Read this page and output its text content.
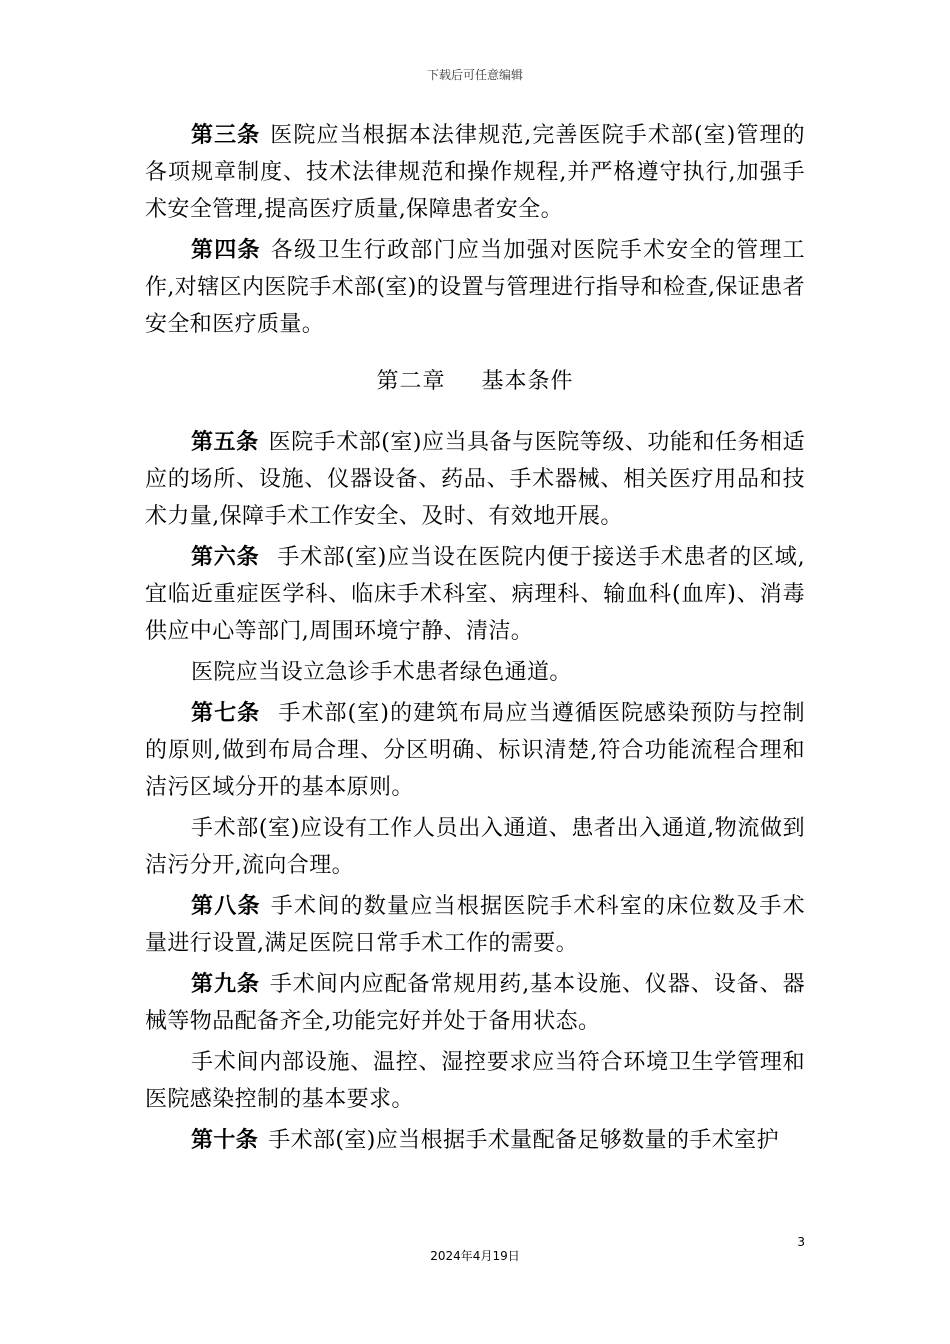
下载后可任意编辑

第三条 医院应当根据本法律规范,完善医院手术部(室)管理的各项规章制度、技术法律规范和操作规程,并严格遵守执行,加强手术安全管理,提高医疗质量,保障患者安全。

第四条 各级卫生行政部门应当加强对医院手术安全的管理工作,对辖区内医院手术部(室)的设置与管理进行指导和检查,保证患者安全和医疗质量。

第二章 基本条件

第五条 医院手术部(室)应当具备与医院等级、功能和任务相适应的场所、设施、仪器设备、药品、手术器械、相关医疗用品和技术力量,保障手术工作安全、及时、有效地开展。

第六条 手术部(室)应当设在医院内便于接送手术患者的区域,宜临近重症医学科、临床手术科室、病理科、输血科(血库)、消毒供应中心等部门,周围环境宁静、清洁。

医院应当设立急诊手术患者绿色通道。

第七条 手术部(室)的建筑布局应当遵循医院感染预防与控制的原则,做到布局合理、分区明确、标识清楚,符合功能流程合理和洁污区域分开的基本原则。

手术部(室)应设有工作人员出入通道、患者出入通道,物流做到洁污分开,流向合理。

第八条 手术间的数量应当根据医院手术科室的床位数及手术量进行设置,满足医院日常手术工作的需要。

第九条 手术间内应配备常规用药,基本设施、仪器、设备、器械等物品配备齐全,功能完好并处于备用状态。

手术间内部设施、温控、湿控要求应当符合环境卫生学管理和医院感染控制的基本要求。

第十条 手术部(室)应当根据手术量配备足够数量的手术室护

3
2024年4月19日
